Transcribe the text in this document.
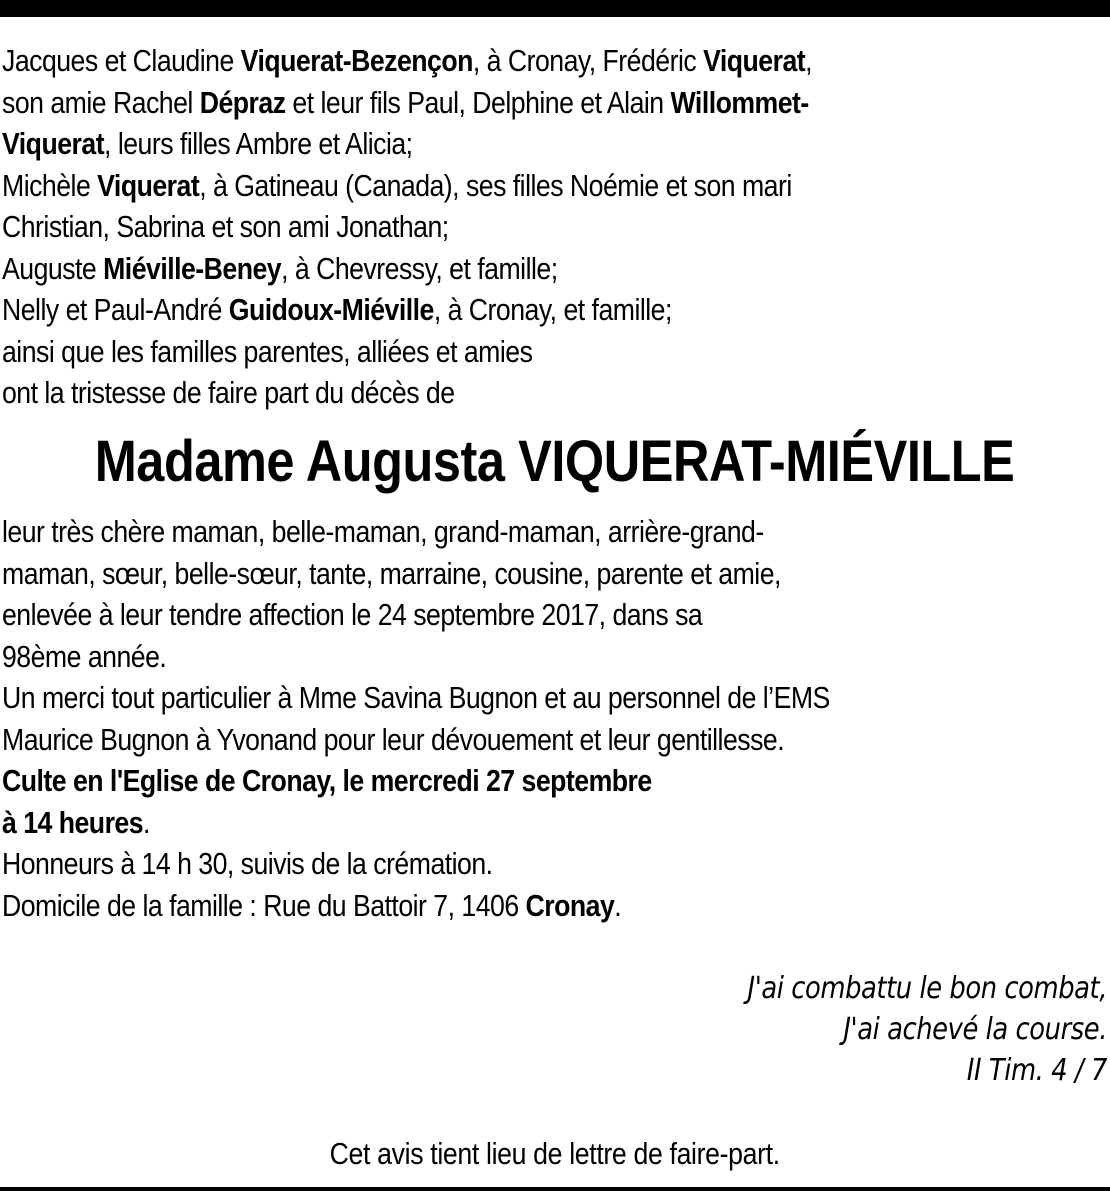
Jacques et Claudine Viquerat-Bezençon, à Cronay, Frédéric Viquerat,
son amie Rachel Dépraz et leur fils Paul, Delphine et Alain Willommet-
Viquerat, leurs filles Ambre et Alicia;
Michèle Viquerat, à Gatineau (Canada), ses filles Noémie et son mari
Christian, Sabrina et son ami Jonathan;
Auguste Miéville-Beney, à Chevressy, et famille;
Nelly et Paul-André Guidoux-Miéville, à Cronay, et famille;
ainsi que les familles parentes, alliées et amies
ont la tristesse de faire part du décès de
Madame Augusta VIQUERAT-MIÉVILLE
leur très chère maman, belle-maman, grand-maman, arrière-grand-
maman, sœur, belle-sœur, tante, marraine, cousine, parente et amie,
enlevée à leur tendre affection le 24 septembre 2017, dans sa
98ème année.
Un merci tout particulier à Mme Savina Bugnon et au personnel de l’EMS
Maurice Bugnon à Yvonand pour leur dévouement et leur gentillesse.
Culte en l'Eglise de Cronay, le mercredi 27 septembre
à 14 heures.
Honneurs à 14 h 30, suivis de la crémation.
Domicile de la famille : Rue du Battoir 7, 1406 Cronay.
J'ai combattu le bon combat,
J'ai achevé la course.
II Tim. 4 / 7
Cet avis tient lieu de lettre de faire-part.
